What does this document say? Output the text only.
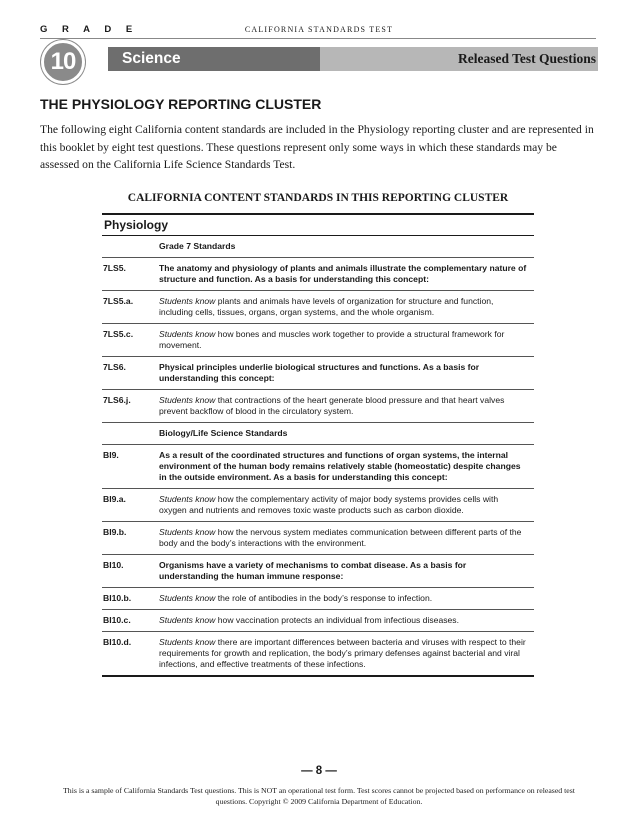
G R A D E	CALIFORNIA STANDARDS TEST
10	Science	Released Test Questions
THE PHYSIOLOGY REPORTING CLUSTER
The following eight California content standards are included in the Physiology reporting cluster and are represented in this booklet by eight test questions. These questions represent only some ways in which these standards may be assessed on the California Life Science Standards Test.
CALIFORNIA CONTENT STANDARDS IN THIS REPORTING CLUSTER
Physiology
Grade 7 Standards
7LS5.	The anatomy and physiology of plants and animals illustrate the complementary nature of structure and function. As a basis for understanding this concept:
7LS5.a.	Students know plants and animals have levels of organization for structure and function, including cells, tissues, organs, organ systems, and the whole organism.
7LS5.c.	Students know how bones and muscles work together to provide a structural framework for movement.
7LS6.	Physical principles underlie biological structures and functions. As a basis for understanding this concept:
7LS6.j.	Students know that contractions of the heart generate blood pressure and that heart valves prevent backflow of blood in the circulatory system.
Biology/Life Science Standards
BI9.	As a result of the coordinated structures and functions of organ systems, the internal environment of the human body remains relatively stable (homeostatic) despite changes in the outside environment. As a basis for understanding this concept:
BI9.a.	Students know how the complementary activity of major body systems provides cells with oxygen and nutrients and removes toxic waste products such as carbon dioxide.
BI9.b.	Students know how the nervous system mediates communication between different parts of the body and the body’s interactions with the environment.
BI10.	Organisms have a variety of mechanisms to combat disease. As a basis for understanding the human immune response:
BI10.b.	Students know the role of antibodies in the body’s response to infection.
BI10.c.	Students know how vaccination protects an individual from infectious diseases.
BI10.d.	Students know there are important differences between bacteria and viruses with respect to their requirements for growth and replication, the body’s primary defenses against bacterial and viral infections, and effective treatments of these infections.
— 8 —
This is a sample of California Standards Test questions. This is NOT an operational test form. Test scores cannot be projected based on performance on released test questions. Copyright © 2009 California Department of Education.
